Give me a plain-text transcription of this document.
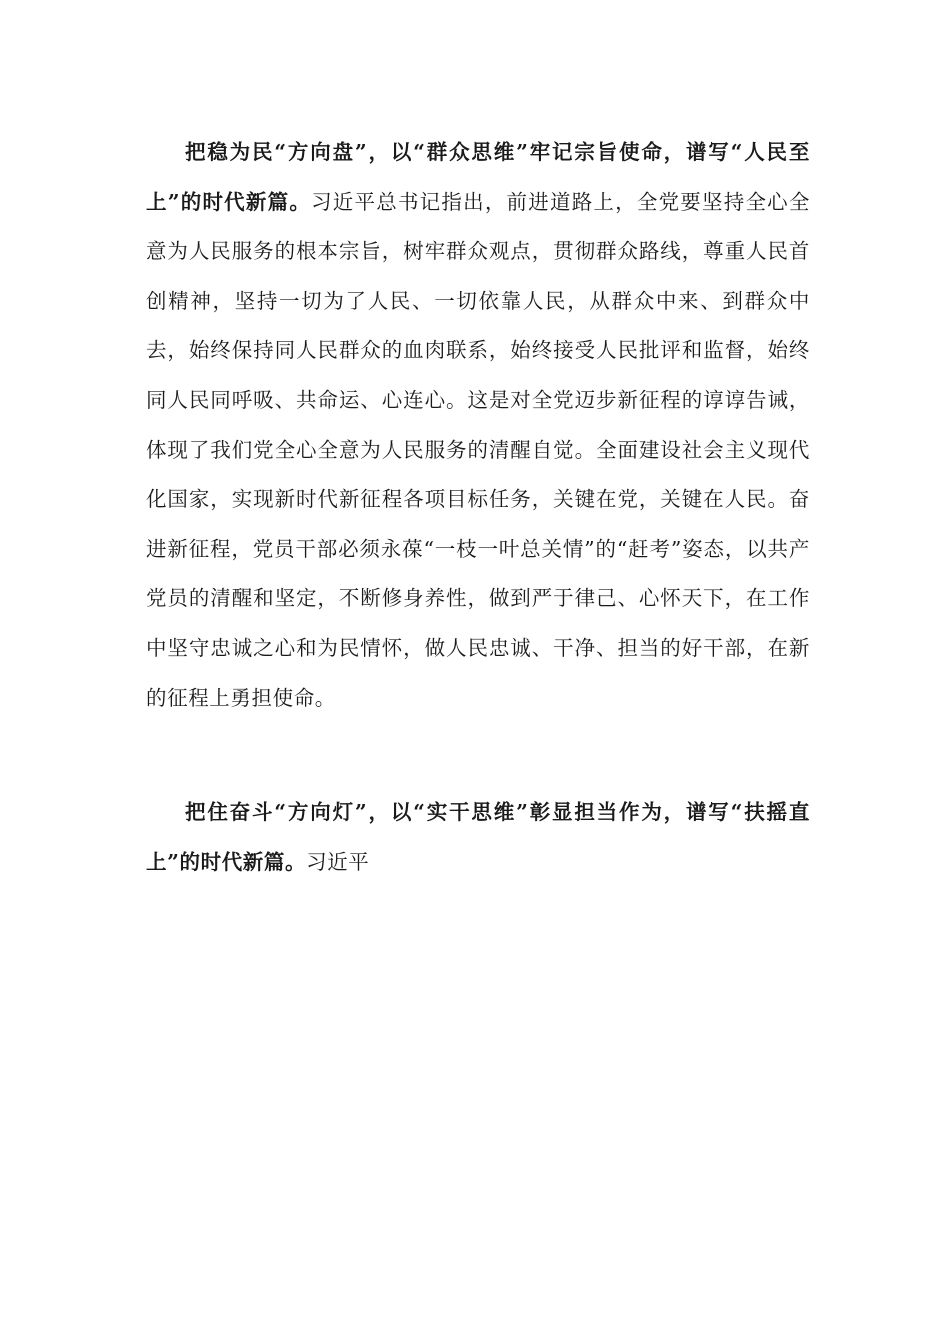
把稳为民“方向盘”，以“群众思维”牢记宗旨使命，谱写“人民至上”的时代新篇。习近平总书记指出，前进道路上，全党要坚持全心全意为人民服务的根本宗旨，树牢群众观点，贯彻群众路线，尊重人民首创精神，坚持一切为了人民、一切依靠人民，从群众中来、到群众中去，始终保持同人民群众的血肉联系，始终接受人民批评和监督，始终同人民同呼吸、共命运、心连心。这是对全党迈步新征程的谆谆告诫，体现了我们党全心全意为人民服务的清醒自觉。全面建设社会主义现代化国家，实现新时代新征程各项目标任务，关键在党，关键在人民。奋进新征程，党员干部必须永葆“一枝一叶总关情”的“赶考”姿态，以共产党员的清醒和坚定，不断修身养性，做到严于律己、心怀天下，在工作中坚守忠诚之心和为民情怀，做人民忠诚、干净、担当的好干部，在新的征程上勇担使命。

把住奋斗“方向灯”，以“实干思维”彰显担当作为，谱写“扶摇直上”的时代新篇。习近平
